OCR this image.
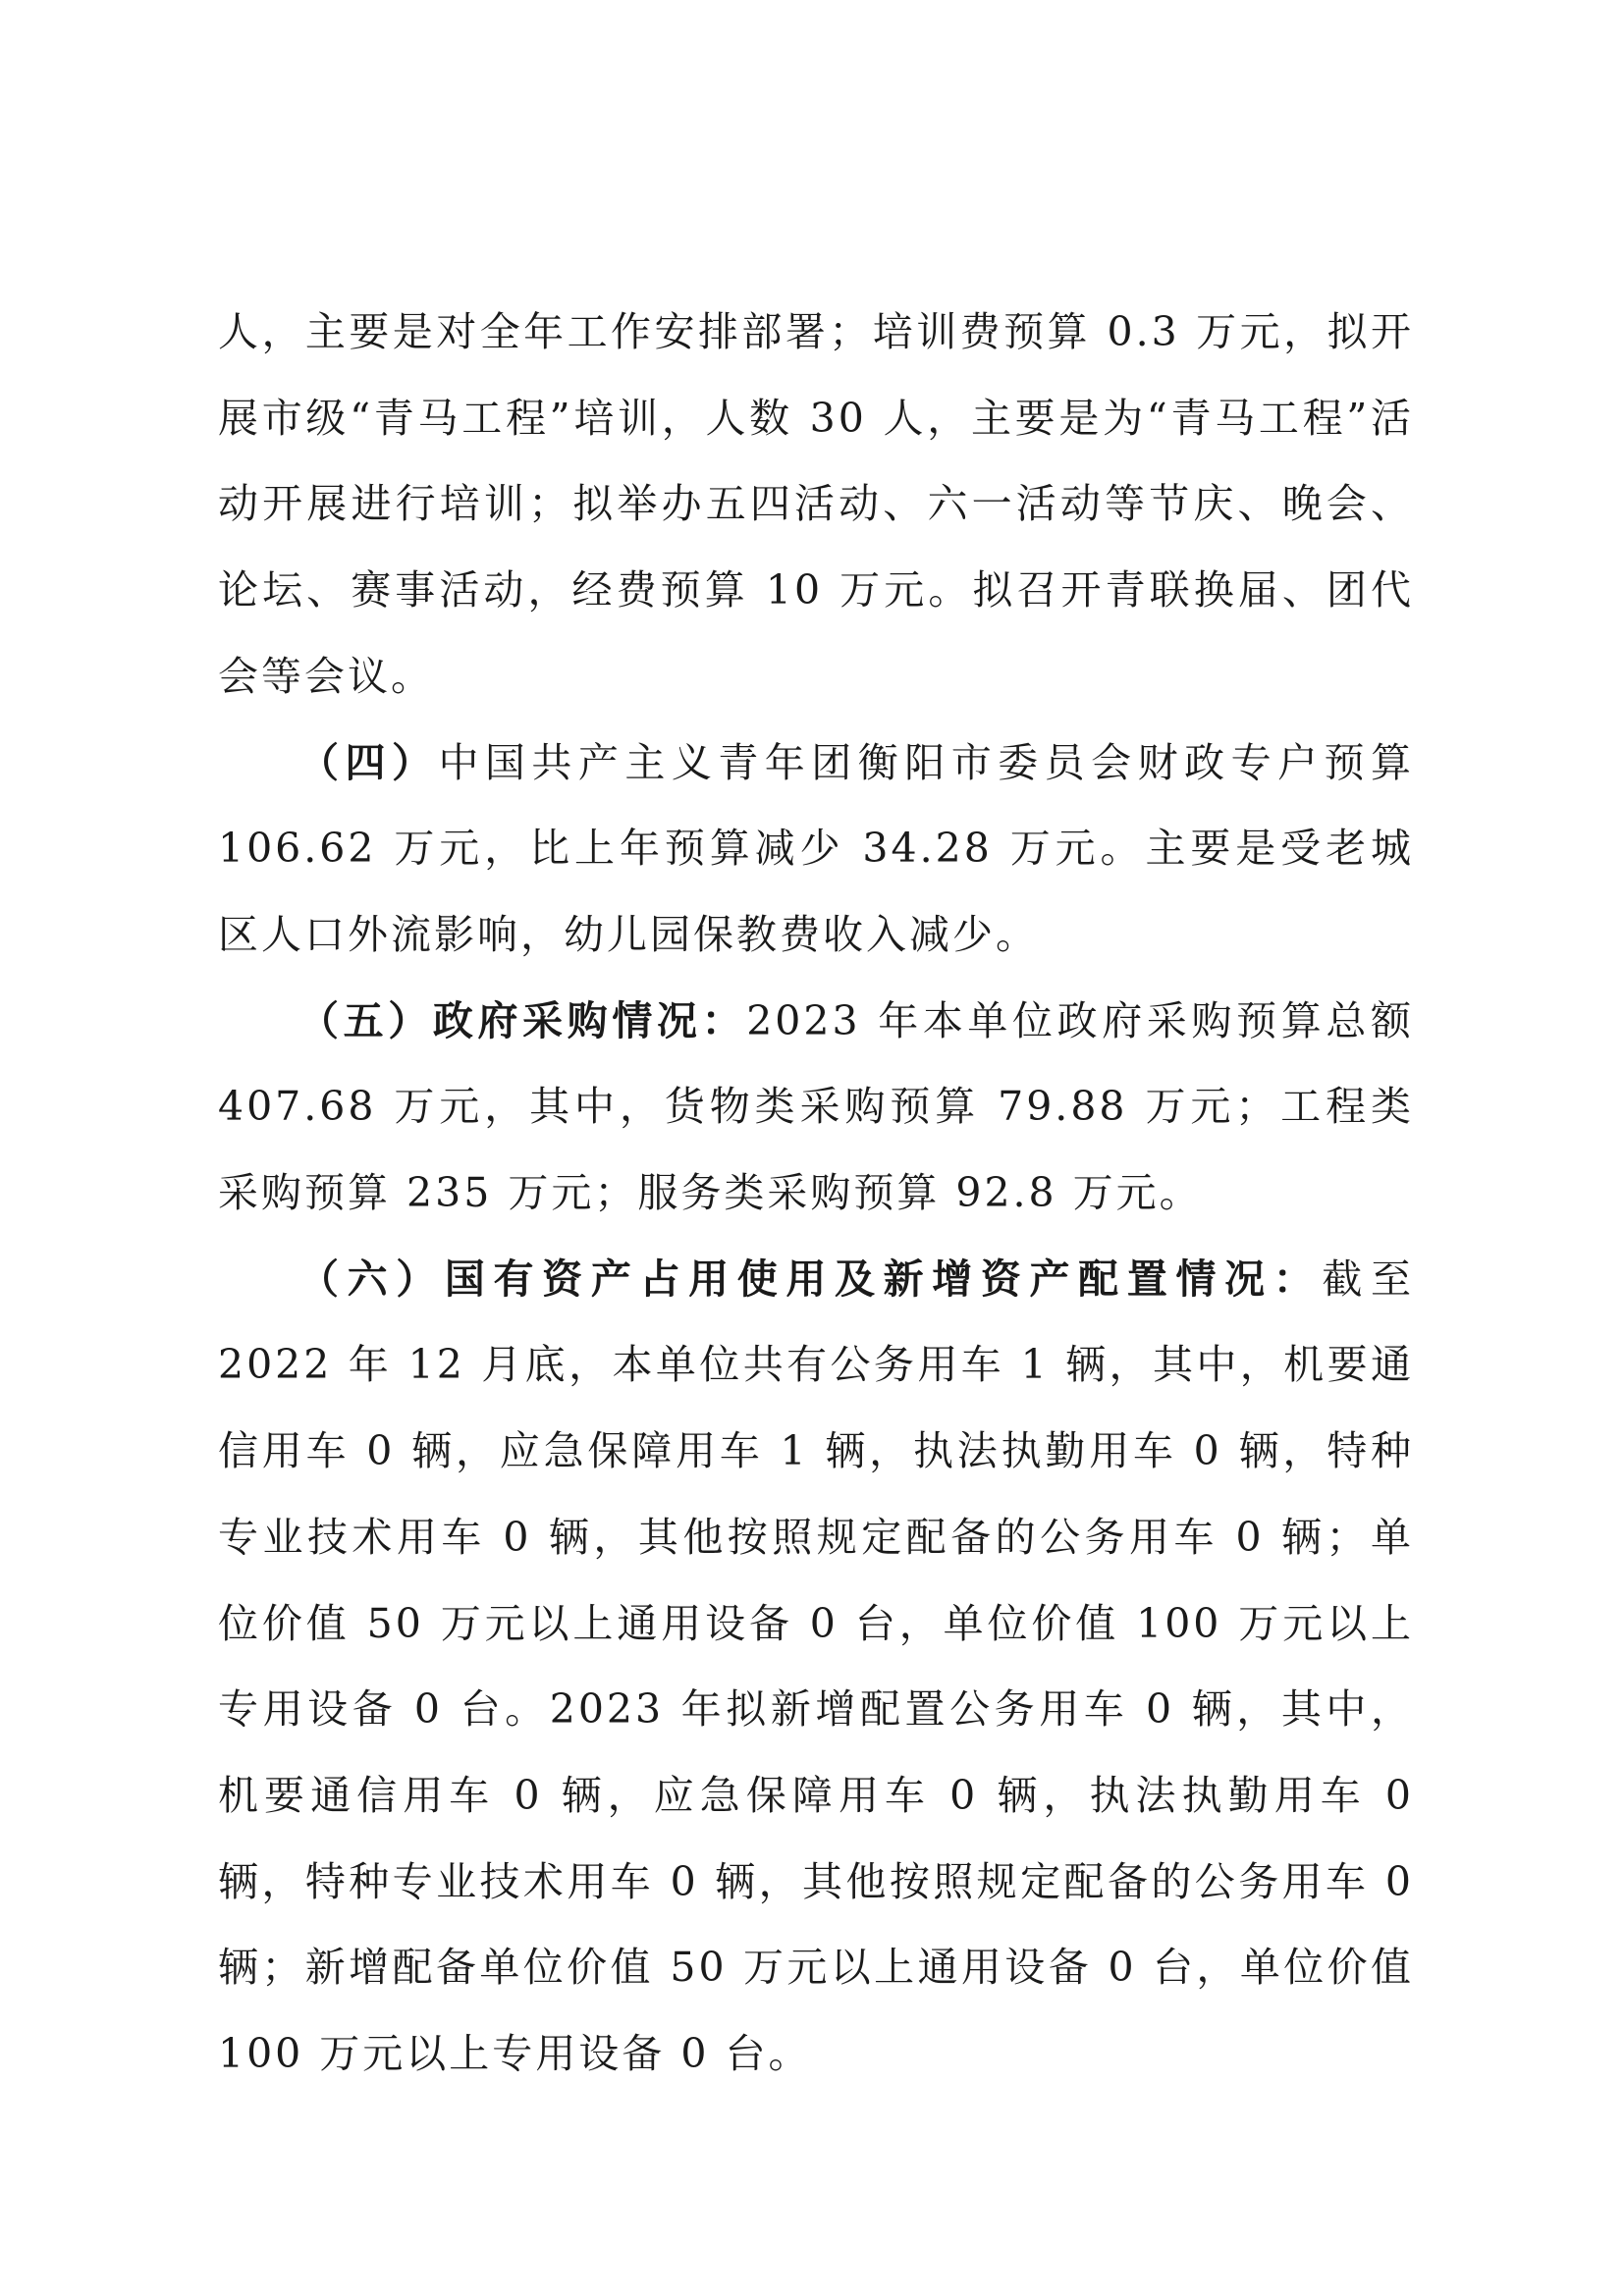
人，主要是对全年工作安排部署；培训费预算 0.3 万元，拟开展市级“青马工程”培训，人数 30 人，主要是为“青马工程”活动开展进行培训；拟举办五四活动、六一活动等节庆、晚会、论坛、赛事活动，经费预算 10 万元。拟召开青联换届、团代会等会议。

（四）中国共产主义青年团衡阳市委员会财政专户预算 106.62 万元，比上年预算减少 34.28 万元。主要是受老城区人口外流影响，幼儿园保教费收入减少。

（五）政府采购情况：2023 年本单位政府采购预算总额 407.68 万元，其中，货物类采购预算 79.88 万元；工程类采购预算 235 万元；服务类采购预算 92.8 万元。

（六）国有资产占用使用及新增资产配置情况：截至 2022 年 12 月底，本单位共有公务用车 1 辆，其中，机要通信用车 0 辆，应急保障用车 1 辆，执法执勤用车 0 辆，特种专业技术用车 0 辆，其他按照规定配备的公务用车 0 辆；单位价值 50 万元以上通用设备 0 台，单位价值 100 万元以上专用设备 0 台。2023 年拟新增配置公务用车 0 辆，其中，机要通信用车 0 辆，应急保障用车 0 辆，执法执勤用车 0 辆，特种专业技术用车 0 辆，其他按照规定配备的公务用车 0 辆；新增配备单位价值 50 万元以上通用设备 0 台，单位价值 100 万元以上专用设备 0 台。
